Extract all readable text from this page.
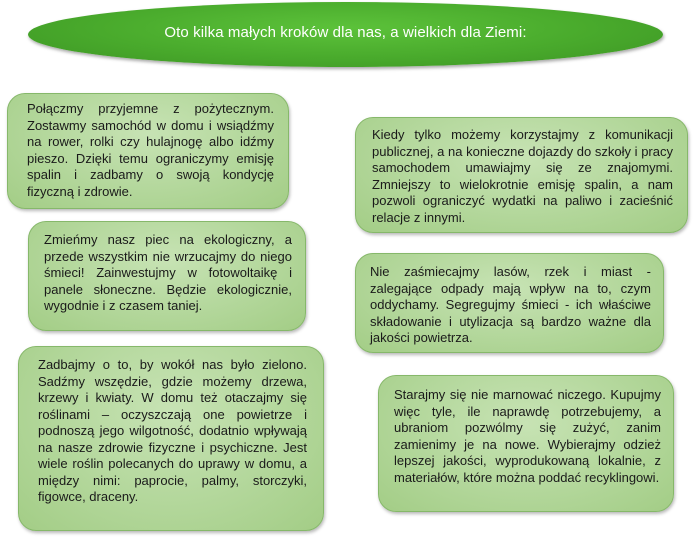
Oto kilka małych kroków dla nas, a wielkich dla Ziemi:

Połączmy przyjemne z pożytecznym. Zostawmy samochód w domu i wsiądźmy na rower, rolki czy hulajnogę albo idźmy pieszo. Dzięki temu ograniczymy emisję spalin i zadbamy o swoją kondycję fizyczną i zdrowie.

Zmieńmy nasz piec na ekologiczny, a przede wszystkim nie wrzucajmy do niego śmieci! Zainwestujmy w fotowoltaikę i panele słoneczne. Będzie ekologicznie, wygodnie i z czasem taniej.

Zadbajmy o to, by wokół nas było zielono. Sadźmy wszędzie, gdzie możemy drzewa, krzewy i kwiaty. W domu też otaczajmy się roślinami – oczyszczają one powietrze i podnoszą jego wilgotność, dodatnio wpływają na nasze zdrowie fizyczne i psychiczne. Jest wiele roślin polecanych do uprawy w domu, a między nimi: paprocie, palmy, storczyki, figowce, draceny.

Kiedy tylko możemy korzystajmy z komunikacji publicznej, a na konieczne dojazdy do szkoły i pracy samochodem umawiajmy się ze znajomymi. Zmniejszy to wielokrotnie emisję spalin, a nam pozwoli ograniczyć wydatki na paliwo i zacieśnić relacje z innymi.

Nie zaśmiecajmy lasów, rzek i miast - zalegające odpady mają wpływ na to, czym oddychamy. Segregujmy śmieci - ich właściwe składowanie i utylizacja są bardzo ważne dla jakości powietrza.

Starajmy się nie marnować niczego. Kupujmy więc tyle, ile naprawdę potrzebujemy, a ubraniom pozwólmy się zużyć, zanim zamienimy je na nowe. Wybierajmy odzież lepszej jakości, wyprodukowaną lokalnie, z materiałów, które można poddać recyklingowi.
